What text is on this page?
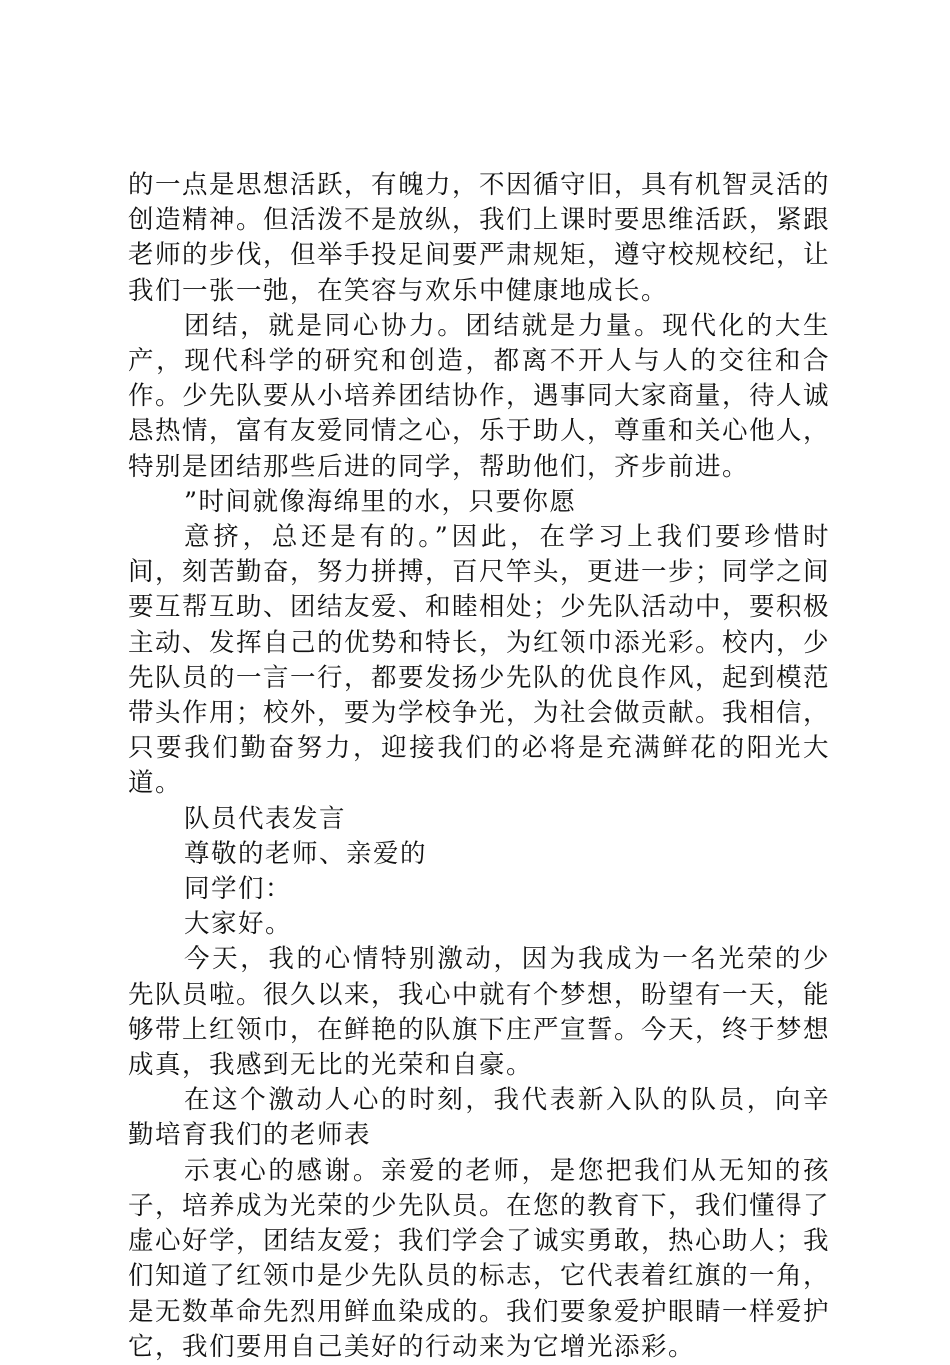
的一点是思想活跃，有魄力，不因循守旧，具有机智灵活的创造精神。但活泼不是放纵，我们上课时要思维活跃，紧跟老师的步伐，但举手投足间要严肃规矩，遵守校规校纪，让我们一张一弛，在笑容与欢乐中健康地成长。

团结，就是同心协力。团结就是力量。现代化的大生产，现代科学的研究和创造，都离不开人与人的交往和合作。少先队要从小培养团结协作，遇事同大家商量，待人诚恳热情，富有友爱同情之心，乐于助人，尊重和关心他人，特别是团结那些后进的同学，帮助他们，齐步前进。

”时间就像海绵里的水，只要你愿

意挤，总还是有的。”因此，在学习上我们要珍惜时间，刻苦勤奋，努力拼搏，百尺竿头，更进一步；同学之间要互帮互助、团结友爱、和睦相处；少先队活动中，要积极主动、发挥自己的优势和特长，为红领巾添光彩。校内，少先队员的一言一行，都要发扬少先队的优良作风，起到模范带头作用；校外，要为学校争光，为社会做贡献。我相信，只要我们勤奋努力，迎接我们的必将是充满鲜花的阳光大道。

队员代表发言

尊敬的老师、亲爱的

同学们：

大家好。

今天，我的心情特别激动，因为我成为一名光荣的少先队员啦。很久以来，我心中就有个梦想，盼望有一天，能够带上红领巾，在鲜艳的队旗下庄严宣誓。今天，终于梦想成真，我感到无比的光荣和自豪。

在这个激动人心的时刻，我代表新入队的队员，向辛勤培育我们的老师表

示衷心的感谢。亲爱的老师，是您把我们从无知的孩子，培养成为光荣的少先队员。在您的教育下，我们懂得了虚心好学，团结友爱；我们学会了诚实勇敢，热心助人；我们知道了红领巾是少先队员的标志，它代表着红旗的一角，是无数革命先烈用鲜血染成的。我们要象爱护眼睛一样爱护它，我们要用自己美好的行动来为它增光添彩。
